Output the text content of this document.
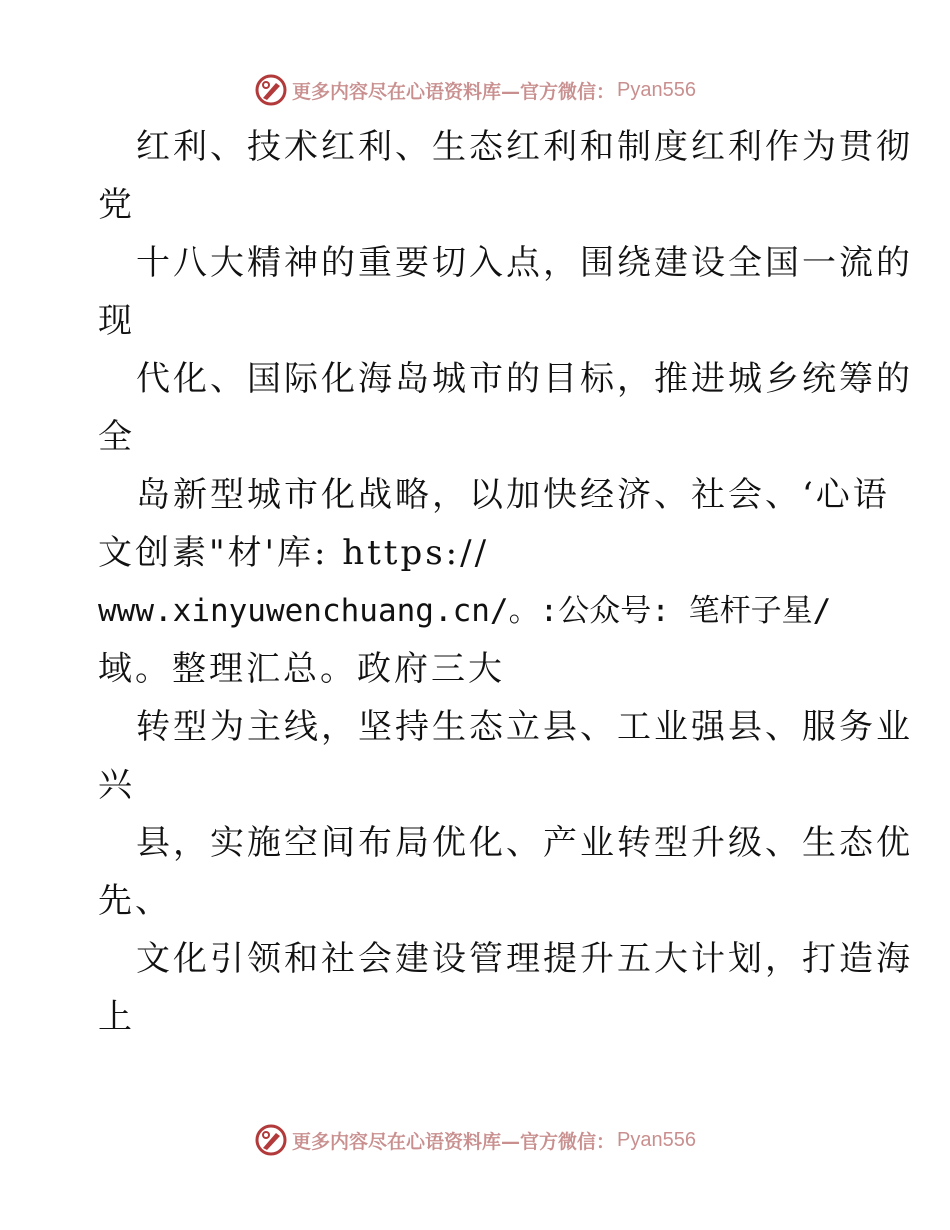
更多内容尽在心语资料库—官方微信： Pyan556
红利、技术红利、生态红利和制度红利作为贯彻
党
十八大精神的重要切入点，围绕建设全国一流的
现
代化、国际化海岛城市的目标，推进城乡统筹的
全
岛新型城市化战略，以加快经济、社会、‘心语
文创素"材'库: https://
www.xinyuwenchuang.cn/。:公众号: 笔杆子星/
域。整理汇总。政府三大
转型为主线，坚持生态立县、工业强县、服务业
兴
县，实施空间布局优化、产业转型升级、生态优
先、
文化引领和社会建设管理提升五大计划，打造海
上
更多内容尽在心语资料库—官方微信： Pyan556
